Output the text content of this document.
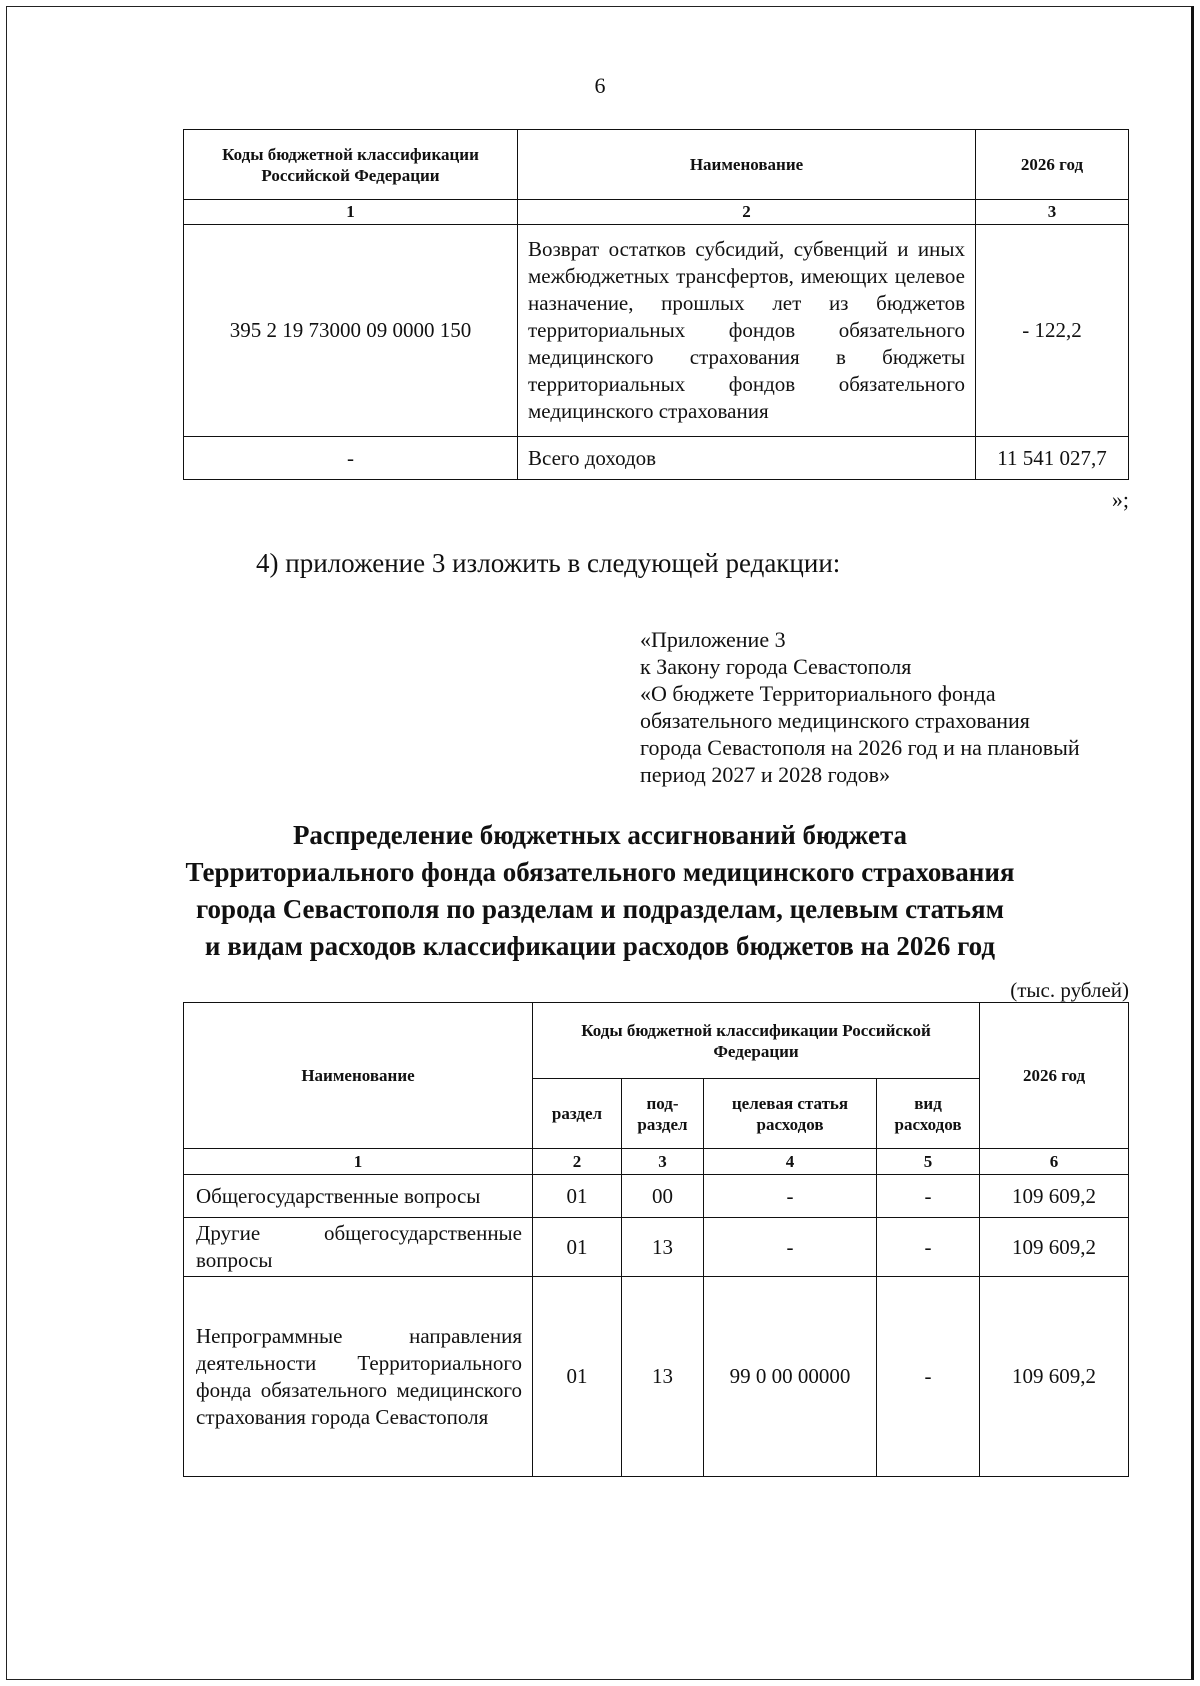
6
Коды бюджетной классификации Российской Федерации	Наименование	2026 год
1	2	3
395 2 19 73000 09 0000 150	Возврат остатков субсидий, субвенций и иных межбюджетных трансфертов, имеющих целевое назначение, прошлых лет из бюджетов территориальных фондов обязательного медицинского страхования в бюджеты территориальных фондов обязательного медицинского страхования	- 122,2
-	Всего доходов	11 541 027,7
»;
4) приложение 3 изложить в следующей редакции:
«Приложение 3
к Закону города Севастополя
«О бюджете Территориального фонда
обязательного медицинского страхования
города Севастополя на 2026 год и на плановый
период 2027 и 2028 годов»
Распределение бюджетных ассигнований бюджета
Территориального фонда обязательного медицинского страхования
города Севастополя по разделам и подразделам, целевым статьям
и видам расходов классификации расходов бюджетов на 2026 год
(тыс. рублей)
Наименование	Коды бюджетной классификации Российской Федерации				2026 год
	раздел	под-раздел	целевая статья расходов	вид расходов	
1	2	3	4	5	6
Общегосударственные вопросы	01	00	-	-	109 609,2
Другие общегосударственные вопросы	01	13	-	-	109 609,2
Непрограммные направления деятельности Территориального фонда обязательного медицинского страхования города Севастополя	01	13	99 0 00 00000	-	109 609,2
